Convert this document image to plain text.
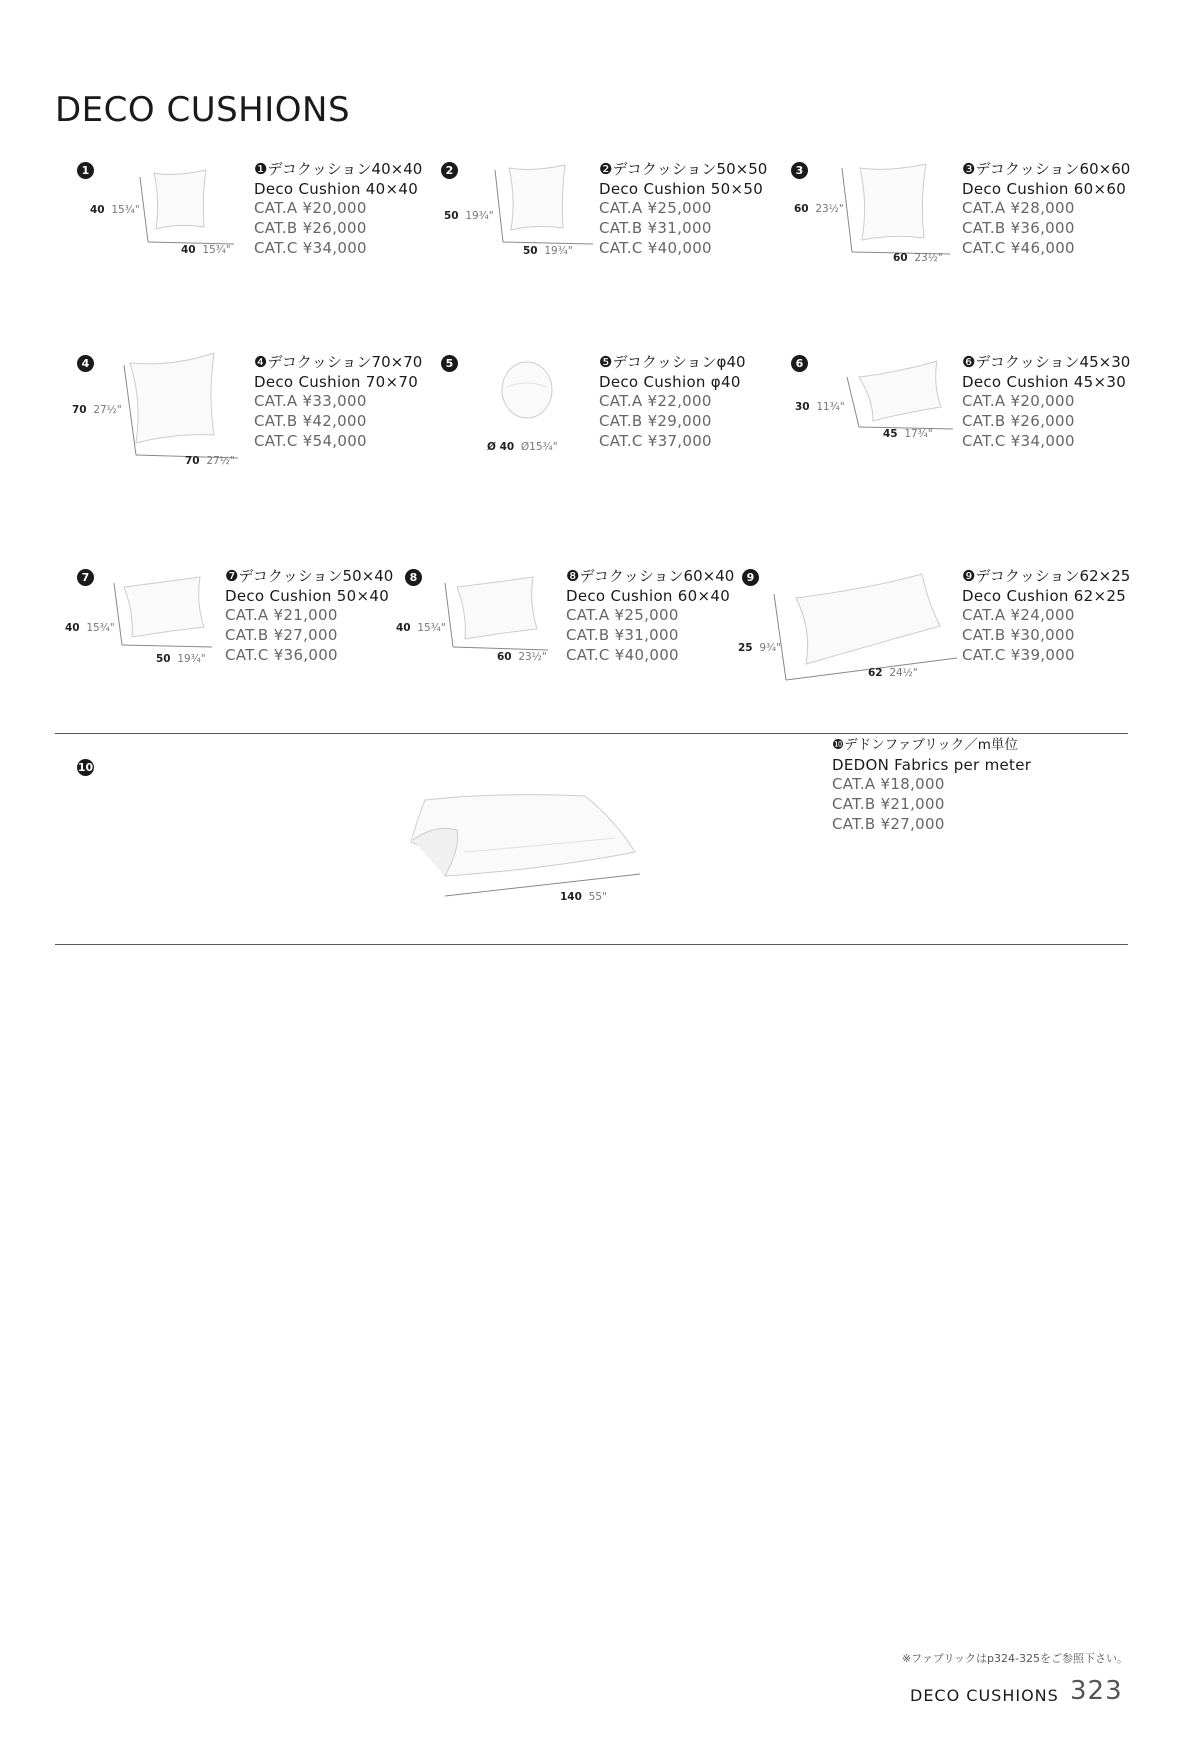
DECO CUSHIONS
1
40 15¾"
40 15¾"
❶デコクッション40×40
Deco Cushion 40×40
CAT.A ¥20,000
CAT.B ¥26,000
CAT.C ¥34,000
2
50 19¾"
50 19¾"
❷デコクッション50×50
Deco Cushion 50×50
CAT.A ¥25,000
CAT.B ¥31,000
CAT.C ¥40,000
3
60 23½"
60 23½"
❸デコクッション60×60
Deco Cushion 60×60
CAT.A ¥28,000
CAT.B ¥36,000
CAT.C ¥46,000
4
70 27½"
70 27½"
❹デコクッション70×70
Deco Cushion 70×70
CAT.A ¥33,000
CAT.B ¥42,000
CAT.C ¥54,000
5
Ø 40 Ø15¾"
❺デコクッションφ40
Deco Cushion φ40
CAT.A ¥22,000
CAT.B ¥29,000
CAT.C ¥37,000
6
30 11¾"
45 17¾"
❻デコクッション45×30
Deco Cushion 45×30
CAT.A ¥20,000
CAT.B ¥26,000
CAT.C ¥34,000
7
40 15¾"
50 19¾"
❼デコクッション50×40
Deco Cushion 50×40
CAT.A ¥21,000
CAT.B ¥27,000
CAT.C ¥36,000
8
40 15¾"
60 23½"
❽デコクッション60×40
Deco Cushion 60×40
CAT.A ¥25,000
CAT.B ¥31,000
CAT.C ¥40,000
9
25 9¾"
62 24½"
❾デコクッション62×25
Deco Cushion 62×25
CAT.A ¥24,000
CAT.B ¥30,000
CAT.C ¥39,000
10
140 55"
❿デドンファブリック／m単位
DEDON Fabrics per meter
CAT.A ¥18,000
CAT.B ¥21,000
CAT.B ¥27,000
※ファブリックはp324-325をご参照下さい。
DECO CUSHIONS 323
